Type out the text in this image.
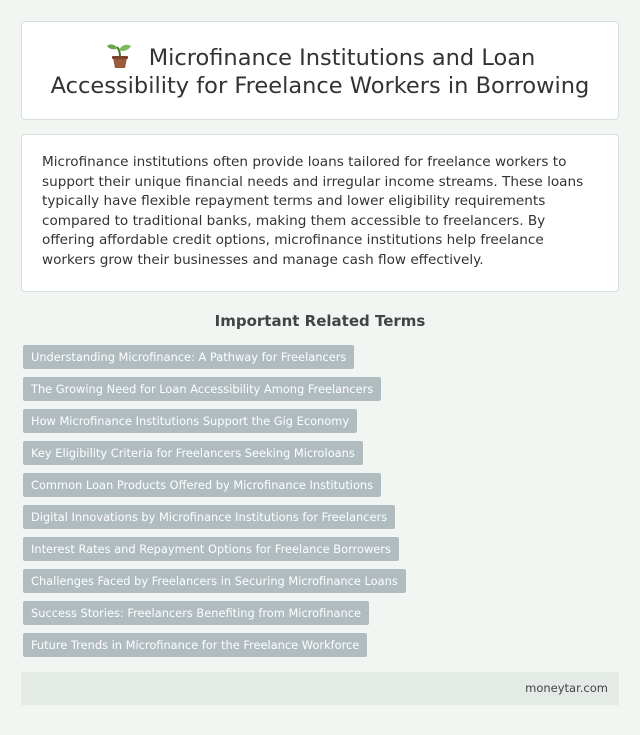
Microfinance Institutions and Loan Accessibility for Freelance Workers in Borrowing

Microfinance institutions often provide loans tailored for freelance workers to support their unique financial needs and irregular income streams. These loans typically have flexible repayment terms and lower eligibility requirements compared to traditional banks, making them accessible to freelancers. By offering affordable credit options, microfinance institutions help freelance workers grow their businesses and manage cash flow effectively.

Important Related Terms
Understanding Microfinance: A Pathway for Freelancers
The Growing Need for Loan Accessibility Among Freelancers
How Microfinance Institutions Support the Gig Economy
Key Eligibility Criteria for Freelancers Seeking Microloans
Common Loan Products Offered by Microfinance Institutions
Digital Innovations by Microfinance Institutions for Freelancers
Interest Rates and Repayment Options for Freelance Borrowers
Challenges Faced by Freelancers in Securing Microfinance Loans
Success Stories: Freelancers Benefiting from Microfinance
Future Trends in Microfinance for the Freelance Workforce
moneytar.com
